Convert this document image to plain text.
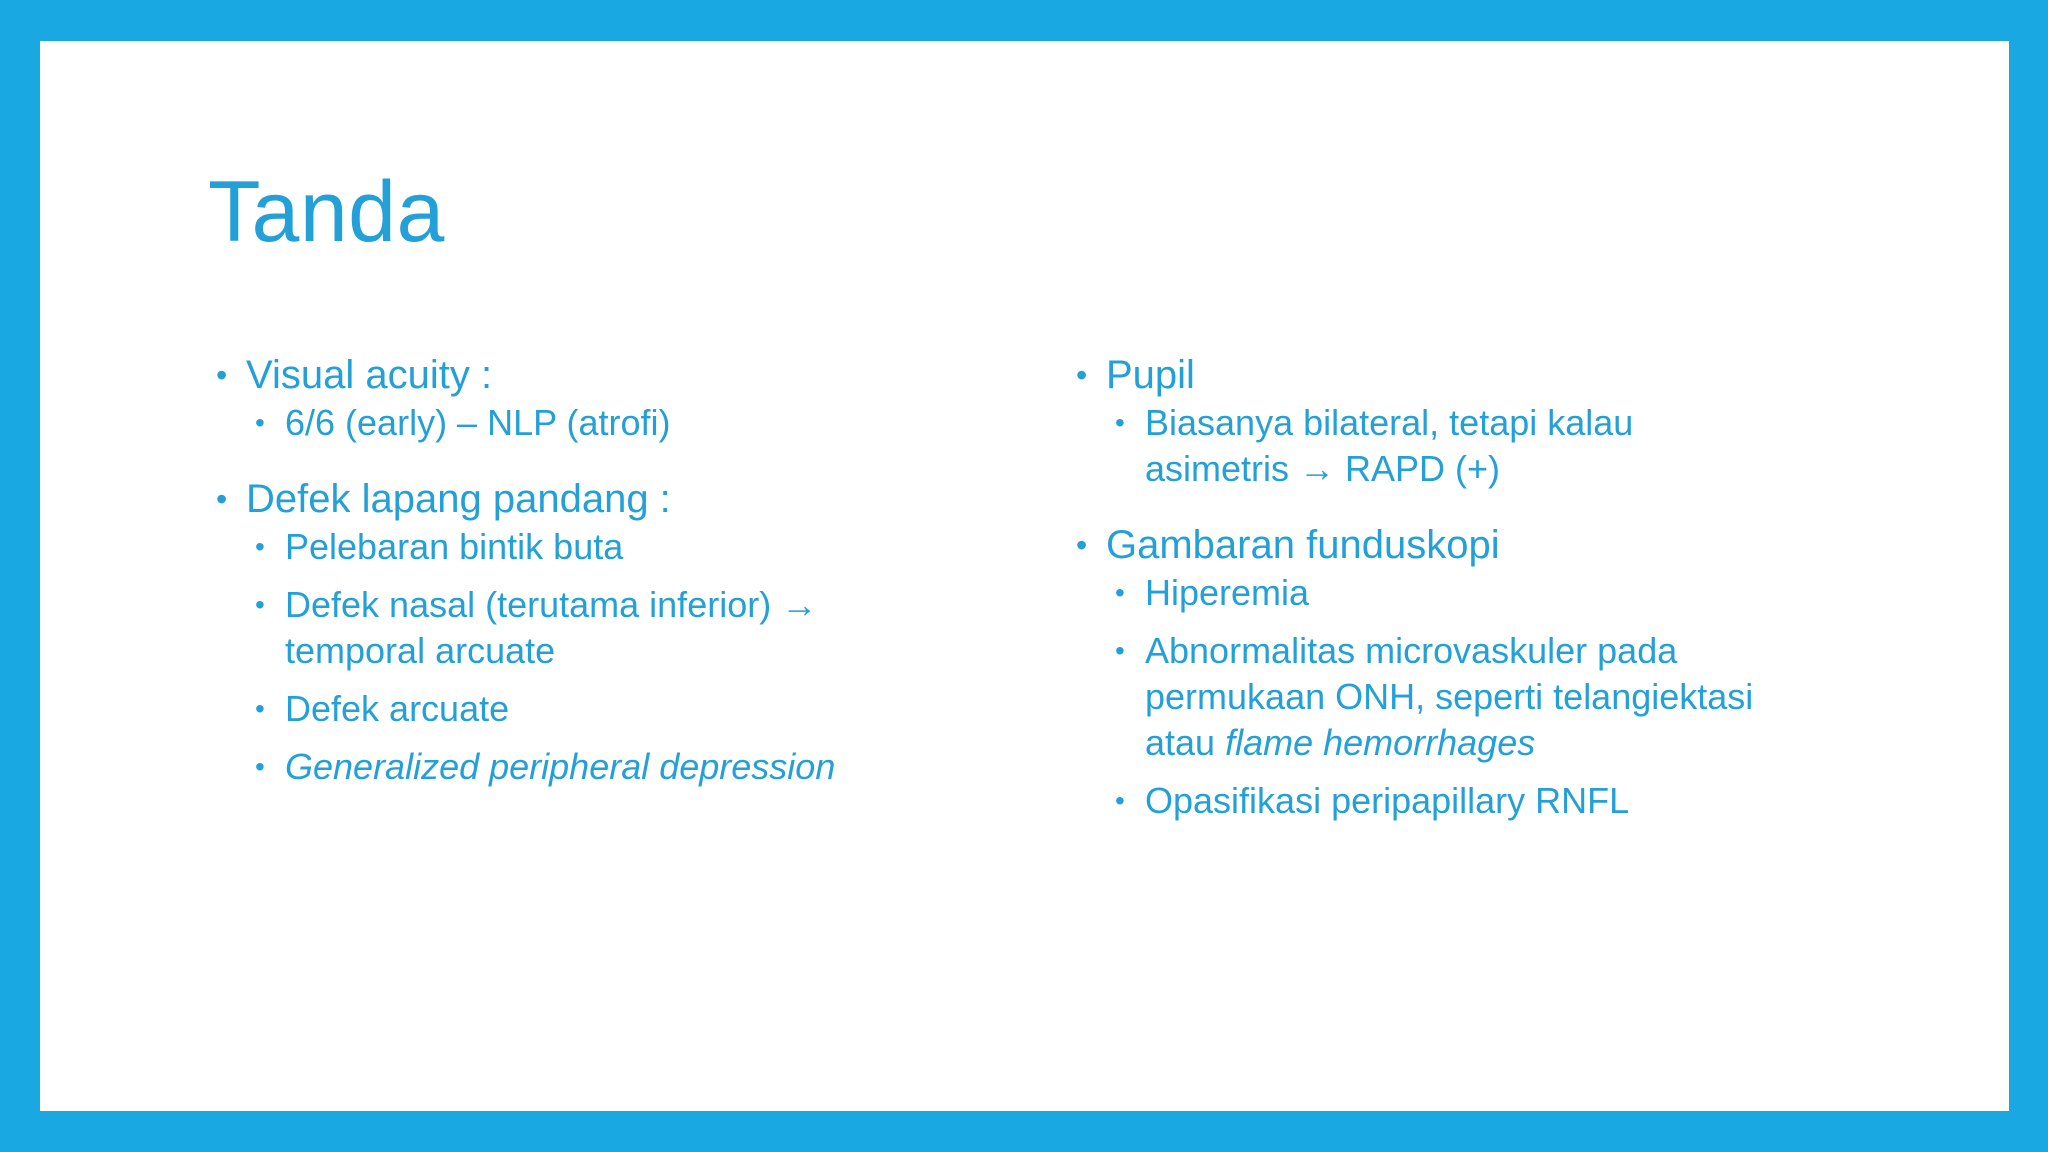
Tanda
• Visual acuity :
• 6/6 (early) – NLP (atrofi)
• Defek lapang pandang :
• Pelebaran bintik buta
• Defek nasal (terutama inferior) →
temporal arcuate
• Defek arcuate
• Generalized peripheral depression
• Pupil
• Biasanya bilateral, tetapi kalau
asimetris → RAPD (+)
• Gambaran funduskopi
• Hiperemia
• Abnormalitas microvaskuler pada
permukaan ONH, seperti telangiektasi
atau flame hemorrhages
• Opasifikasi peripapillary RNFL
